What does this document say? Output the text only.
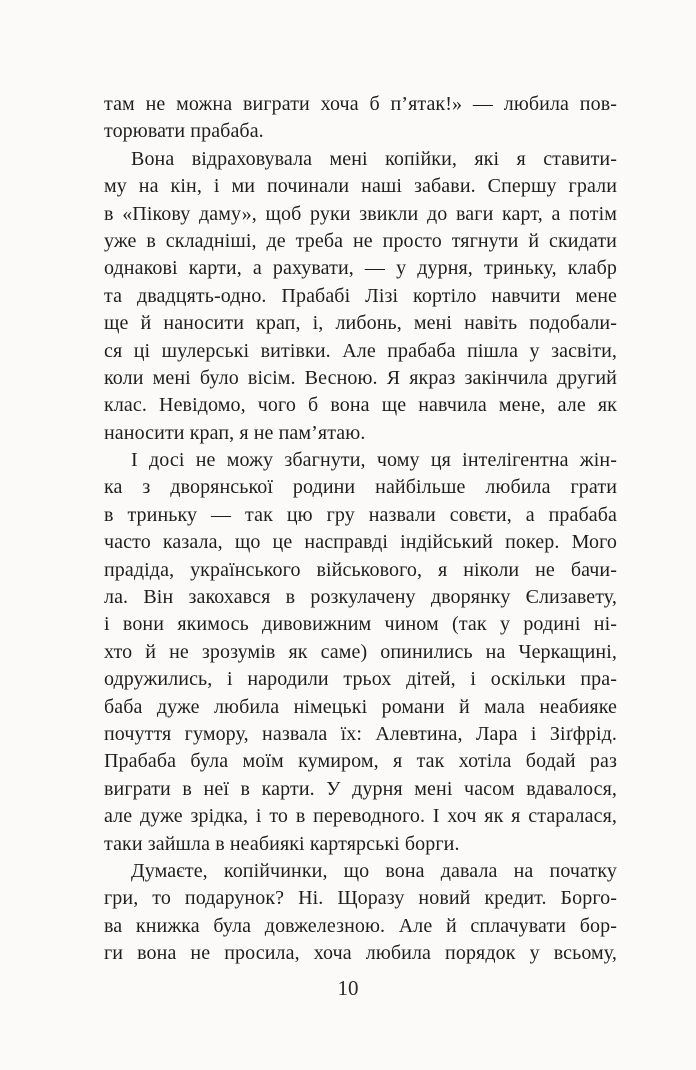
там не можна виграти хоча б п’ятак!» — любила пов-
торювати прабаба.
Вона відраховувала мені копійки, які я ставити-
му на кін, і ми починали наші забави. Спершу грали
в «Пікову даму», щоб руки звикли до ваги карт, а потім
уже в складніші, де треба не просто тягнути й скидати
однакові карти, а рахувати, — у дурня, триньку, клабр
та двадцять-одно. Прабабі Лізі кортіло навчити мене
ще й наносити крап, і, либонь, мені навіть подобали-
ся ці шулерські витівки. Але прабаба пішла у засвіти,
коли мені було вісім. Весною. Я якраз закінчила другий
клас. Невідомо, чого б вона ще навчила мене, але як
наносити крап, я не пам’ятаю.
І досі не можу збагнути, чому ця інтелігентна жін-
ка з дворянської родини найбільше любила грати
в триньку — так цю гру назвали совєти, а прабаба
часто казала, що це насправді індійський покер. Мого
прадіда, українського військового, я ніколи не бачи-
ла. Він закохався в розкулачену дворянку Єлизавету,
і вони якимось дивовижним чином (так у родині ні-
хто й не зрозумів як саме) опинились на Черкащині,
одружились, і народили трьох дітей, і оскільки пра-
баба дуже любила німецькі романи й мала неабияке
почуття гумору, назвала їх: Алевтина, Лара і Зіґфрід.
Прабаба була моїм кумиром, я так хотіла бодай раз
виграти в неї в карти. У дурня мені часом вдавалося,
але дуже зрідка, і то в переводного. І хоч як я старалася,
таки зайшла в неабиякі картярські борги.
Думаєте, копійчинки, що вона давала на початку
гри, то подарунок? Ні. Щоразу новий кредит. Борго-
ва книжка була довжелезною. Але й сплачувати бор-
ги вона не просила, хоча любила порядок у всьому,
10
